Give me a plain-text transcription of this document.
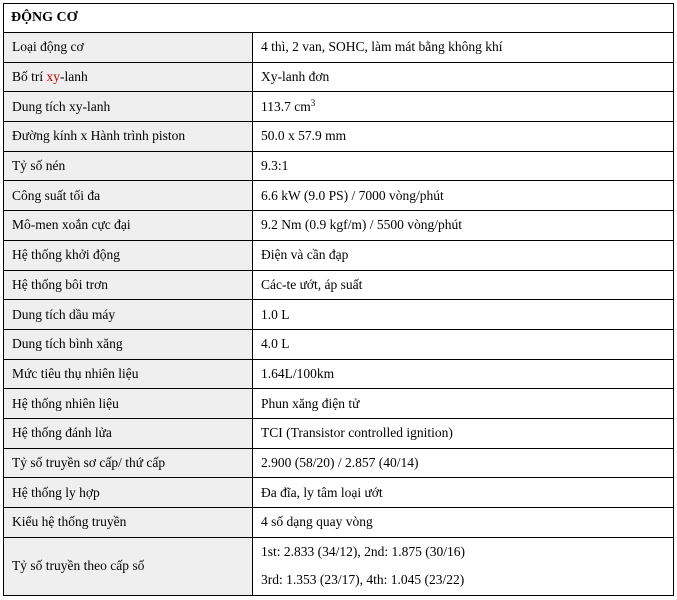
ĐỘNG CƠ	
Loại động cơ	4 thì, 2 van, SOHC, làm mát bằng không khí
Bố trí xy-lanh	Xy-lanh đơn
Dung tích xy-lanh	113.7 $cm^3$
Đường kính x Hành trình piston	50.0 x 57.9 mm
Tỷ số nén	9.3:1
Công suất tối đa	6.6 kW (9.0 PS) / 7000 vòng/phút
Mô-men xoắn cực đại	9.2 Nm (0.9 kgf/m) / 5500 vòng/phút
Hệ thống khởi động	Điện và cần đạp
Hệ thống bôi trơn	Các-te ướt, áp suất
Dung tích dầu máy	1.0 L
Dung tích bình xăng	4.0 L
Mức tiêu thụ nhiên liệu	1.64L/100km
Hệ thống nhiên liệu	Phun xăng điện tử
Hệ thống đánh lửa	TCI (Transistor controlled ignition)
Tỷ số truyền sơ cấp/ thứ cấp	2.900 (58/20) / 2.857 (40/14)
Hệ thống ly hợp	Đa đĩa, ly tâm loại ướt
Kiểu hệ thống truyền	4 số dạng quay vòng
Tỷ số truyền theo cấp số	1st: 2.833 (34/12), 2nd: 1.875 (30/16)
3rd: 1.353 (23/17), 4th: 1.045 (23/22)
